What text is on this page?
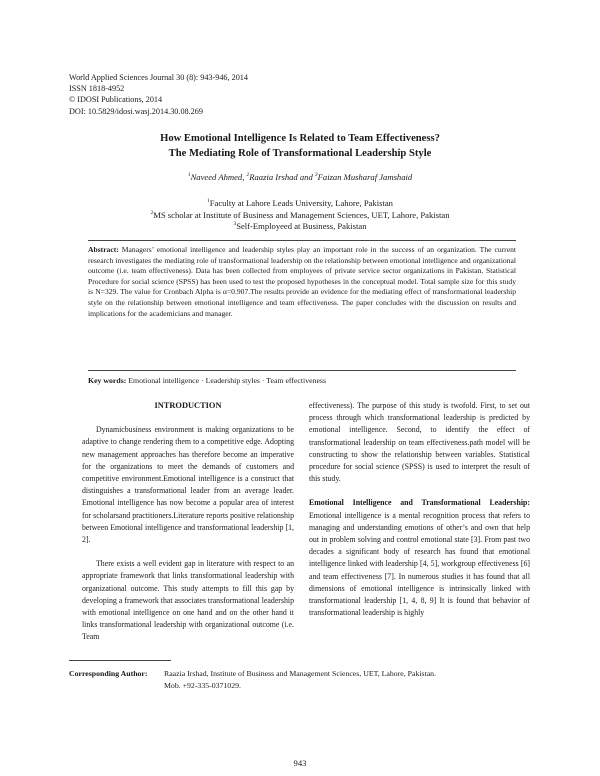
World Applied Sciences Journal 30 (8): 943-946, 2014
ISSN 1818-4952
© IDOSI Publications, 2014
DOI: 10.5829/idosi.wasj.2014.30.08.269
How Emotional Intelligence Is Related to Team Effectiveness?
The Mediating Role of Transformational Leadership Style
$^1$Naveed Ahmed, $^2$Raazia Irshad and $^3$Faizan Musharaf Jamshaid
$^1$Faculty at Lahore Leads University, Lahore, Pakistan
$^2$MS scholar at Institute of Business and Management Sciences, UET, Lahore, Pakistan
$^3$Self-Employeed at Business, Pakistan
Abstract: Managers’ emotional intelligence and leadership styles play an important role in the success of an organization. The current research investigates the mediating role of transformational leadership on the relationship between emotional intelligence and organizational outcome (i.e. team effectiveness). Data has been collected from employees of private service sector organizations in Pakistan. Statistical Procedure for social science (SPSS) has been used to test the proposed hypotheses in the conceptual model. Total sample size for this study is N=329. The value for Cronbach Alpha is α=0.907.The results provide an evidence for the mediating effect of transformational leadership style on the relationship between emotional intelligence and team effectiveness. The paper concludes with the discussion on results and implications for the academicians and manager.
Key words: Emotional intelligence · Leadership styles · Team effectiveness
INTRODUCTION

Dynamicbusiness environment is making organizations to be adaptive to change rendering them to a competitive edge. Adopting new management approaches has therefore become an imperative for the organizations to meet the demands of customers and competitive environment.Emotional intelligence is a construct that distinguishes a transformational leader from an average leader. Emotional intelligence has now become a popular area of interest for scholarsand practitioners.Literature reports positive relationship between Emotional intelligence and transformational leadership [1, 2].

There exists a well evident gap in literature with respect to an appropriate framework that links transformational leadership with organizational outcome. This study attempts to fill this gap by developing a framework that associates transformational leadership with emotional intelligence on one hand and on the other hand it links transformational leadership with organizational outcome (i.e. Team

effectiveness). The purpose of this study is twofold. First, to set out process through which transformational leadership is predicted by emotional intelligence. Second, to identify the effect of transformational leadership on team effectiveness.path model will be constructing to show the relationship between variables. Statistical procedure for social science (SPSS) is used to interpret the result of this study.

Emotional Intelligence and Transformational Leadership: Emotional intelligence is a mental recognition process that refers to managing and understanding emotions of other’s and own that help out in problem solving and control emotional state [3]. From past two decades a significant body of research has found that emotional intelligence linked with leadership [4, 5], workgroup effectiveness [6] and team effectiveness [7]. In numerous studies it has found that all dimensions of emotional intelligence is intrinsically linked with transformational leadership [1, 4, 8, 9] It is found that behavior of transformational leadership is highly

Corresponding Author: Raazia Irshad, Institute of Business and Management Sciences, UET, Lahore, Pakistan.
Mob. +92-335-0371029.
943
